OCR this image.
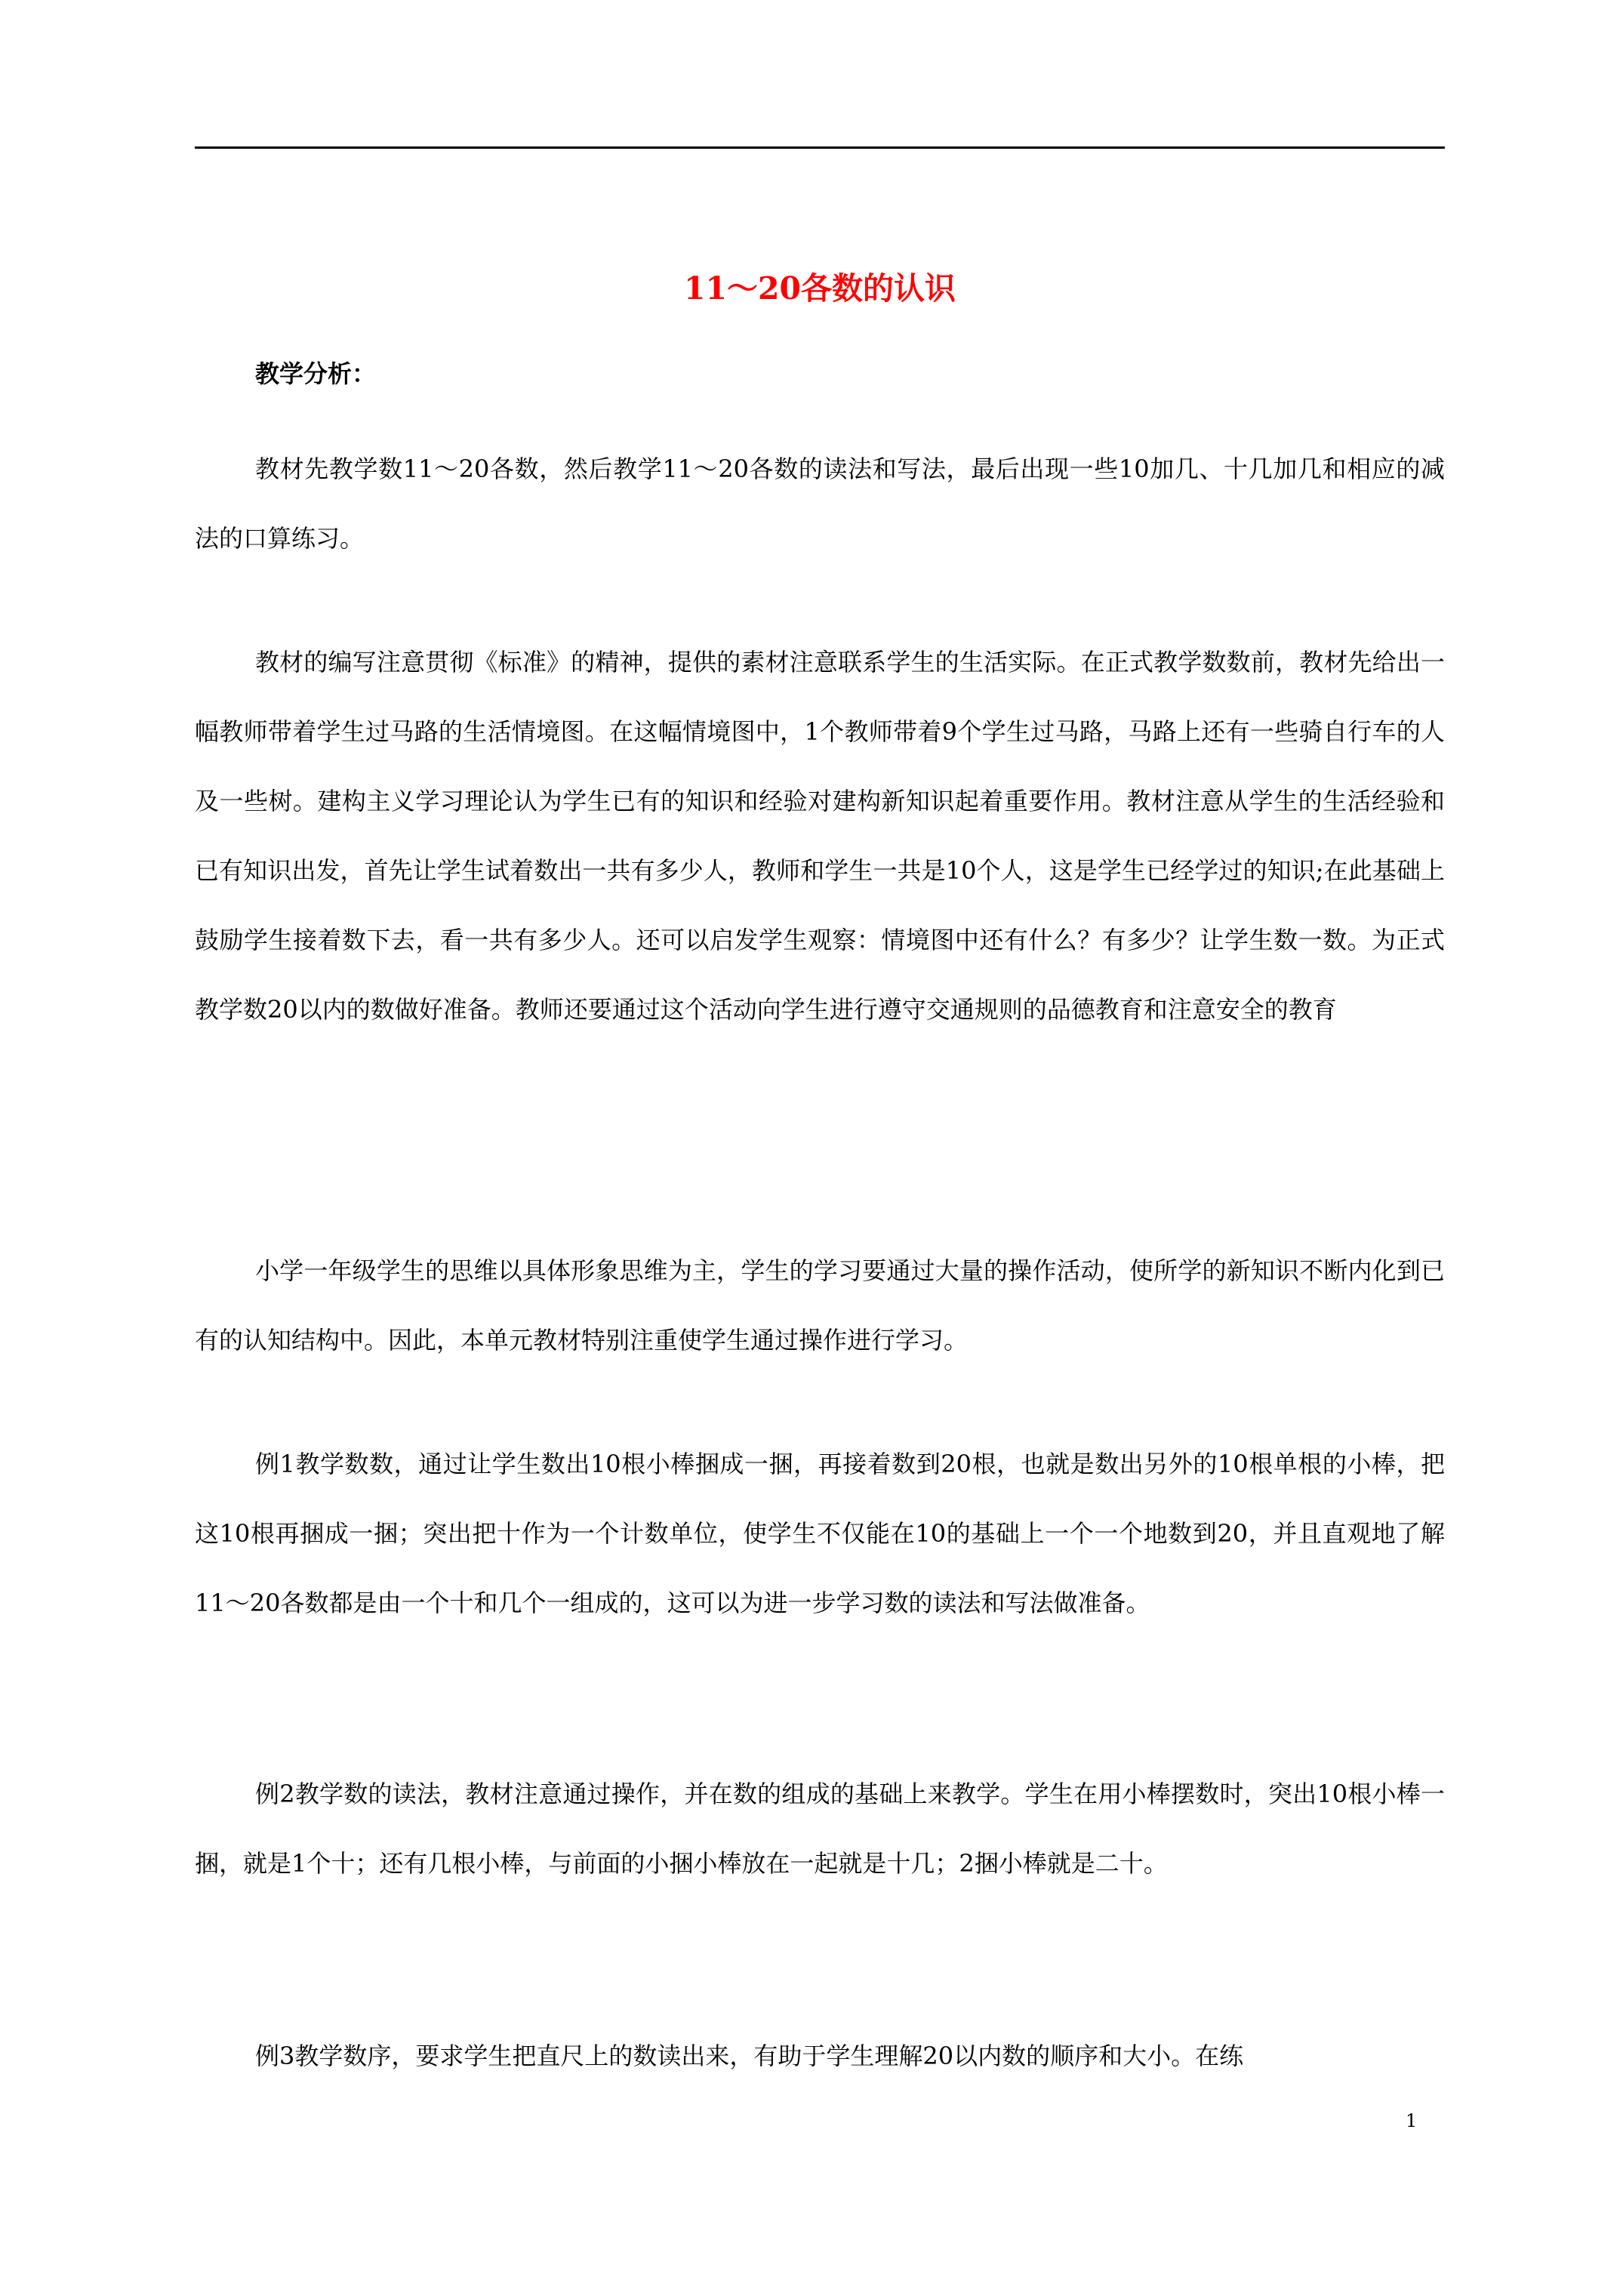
11～20各数的认识
教学分析：

教材先教学数11～20各数，然后教学11～20各数的读法和写法，最后出现一些10加几、十几加几和相应的减法的口算练习。

教材的编写注意贯彻《标准》的精神，提供的素材注意联系学生的生活实际。在正式教学数数前，教材先给出一幅教师带着学生过马路的生活情境图。在这幅情境图中，1个教师带着9个学生过马路，马路上还有一些骑自行车的人及一些树。建构主义学习理论认为学生已有的知识和经验对建构新知识起着重要作用。教材注意从学生的生活经验和已有知识出发，首先让学生试着数出一共有多少人，教师和学生一共是10个人，这是学生已经学过的知识;在此基础上鼓励学生接着数下去，看一共有多少人。还可以启发学生观察：情境图中还有什么？有多少？让学生数一数。为正式教学数20以内的数做好准备。教师还要通过这个活动向学生进行遵守交通规则的品德教育和注意安全的教育

小学一年级学生的思维以具体形象思维为主，学生的学习要通过大量的操作活动，使所学的新知识不断内化到已有的认知结构中。因此，本单元教材特别注重使学生通过操作进行学习。

例1教学数数，通过让学生数出10根小棒捆成一捆，再接着数到20根，也就是数出另外的10根单根的小棒，把这10根再捆成一捆；突出把十作为一个计数单位，使学生不仅能在10的基础上一个一个地数到20，并且直观地了解11～20各数都是由一个十和几个一组成的，这可以为进一步学习数的读法和写法做准备。

例2教学数的读法，教材注意通过操作，并在数的组成的基础上来教学。学生在用小棒摆数时，突出10根小棒一捆，就是1个十；还有几根小棒，与前面的小捆小棒放在一起就是十几；2捆小棒就是二十。

例3教学数序，要求学生把直尺上的数读出来，有助于学生理解20以内数的顺序和大小。在练

1
